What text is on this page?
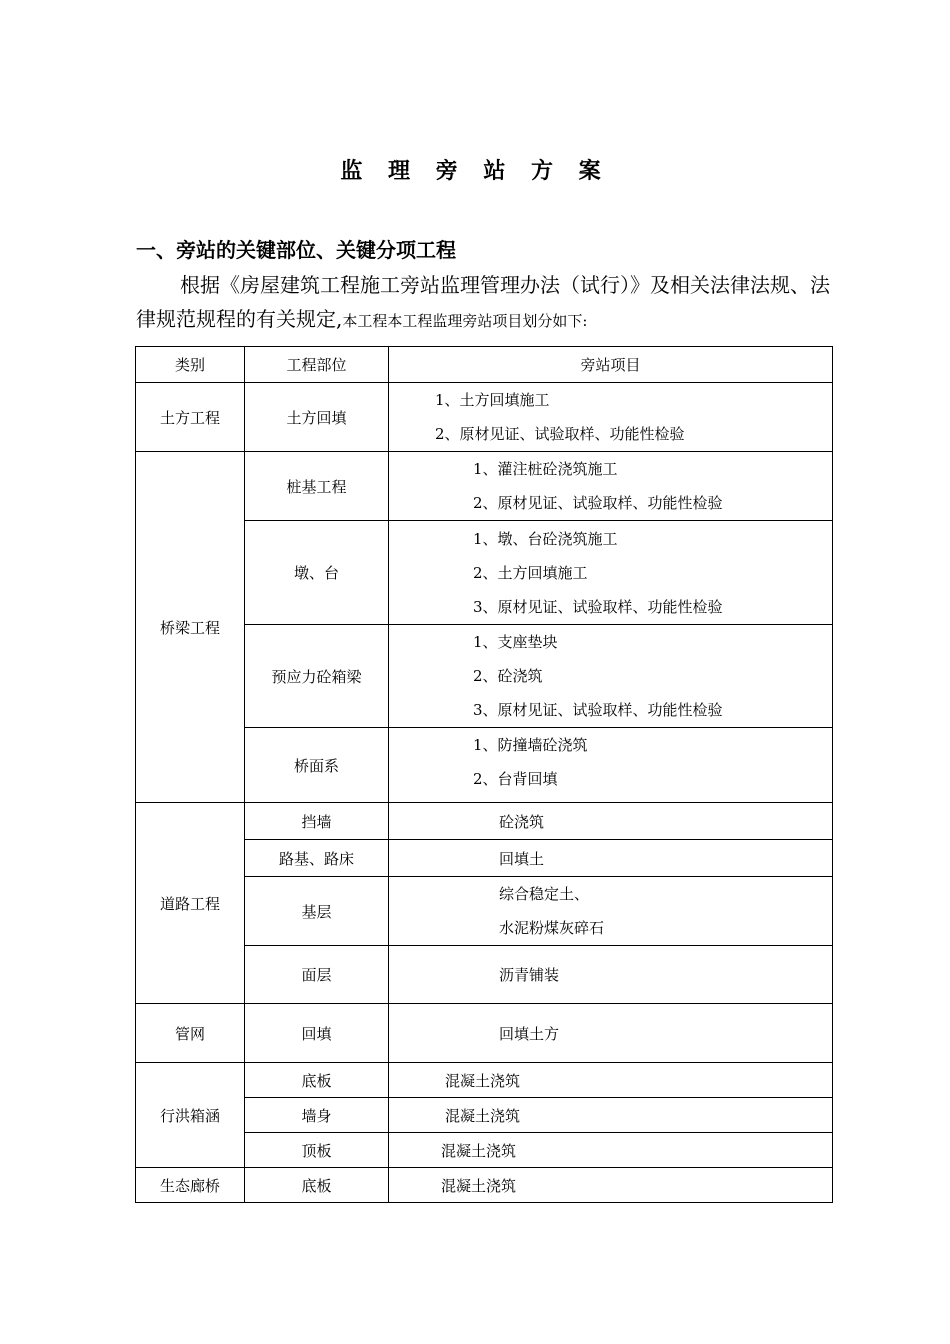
监 理 旁 站 方 案
一、旁站的关键部位、关键分项工程
根据《房屋建筑工程施工旁站监理管理办法（试行）》及相关法律法规、法律规范规程的有关规定,本工程本工程监理旁站项目划分如下:
类别	工程部位	旁站项目
土方工程	土方回填	1、土方回填施工
2、原材见证、试验取样、功能性检验

桥梁工程	桩基工程	1、灌注桩砼浇筑施工
2、原材见证、试验取样、功能性检验

	墩、台	1、墩、台砼浇筑施工
2、土方回填施工
3、原材见证、试验取样、功能性检验

	预应力砼箱梁	1、支座垫块
2、砼浇筑
3、原材见证、试验取样、功能性检验

	桥面系	1、防撞墙砼浇筑
2、台背回填

道路工程	挡墙	砼浇筑
	路基、路床	回填土
	基层	综合稳定土、
水泥粉煤灰碎石

	面层	沥青铺装
管网	回填	回填土方
行洪箱涵	底板	混凝土浇筑
	墙身	混凝土浇筑
	顶板	混凝土浇筑
生态廊桥	底板	混凝土浇筑
